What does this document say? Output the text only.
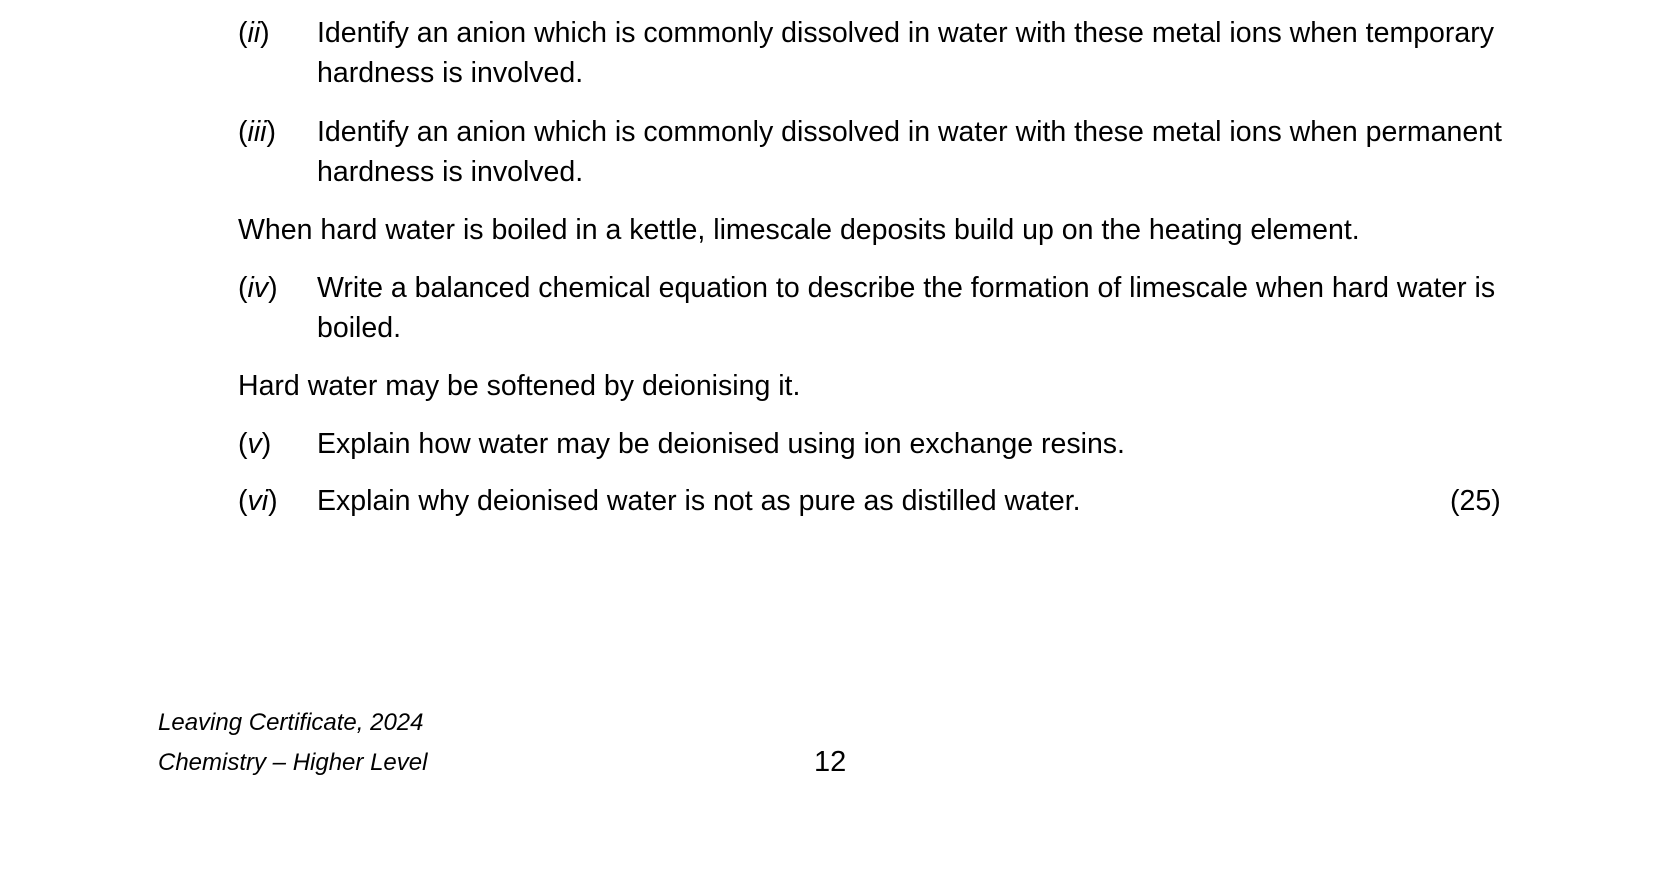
(ii) Identify an anion which is commonly dissolved in water with these metal ions when temporary hardness is involved.
(iii) Identify an anion which is commonly dissolved in water with these metal ions when permanent hardness is involved.
When hard water is boiled in a kettle, limescale deposits build up on the heating element.
(iv) Write a balanced chemical equation to describe the formation of limescale when hard water is boiled.
Hard water may be softened by deionising it.
(v) Explain how water may be deionised using ion exchange resins.
(vi) Explain why deionised water is not as pure as distilled water.	(25)
Leaving Certificate, 2024
Chemistry – Higher Level	12
